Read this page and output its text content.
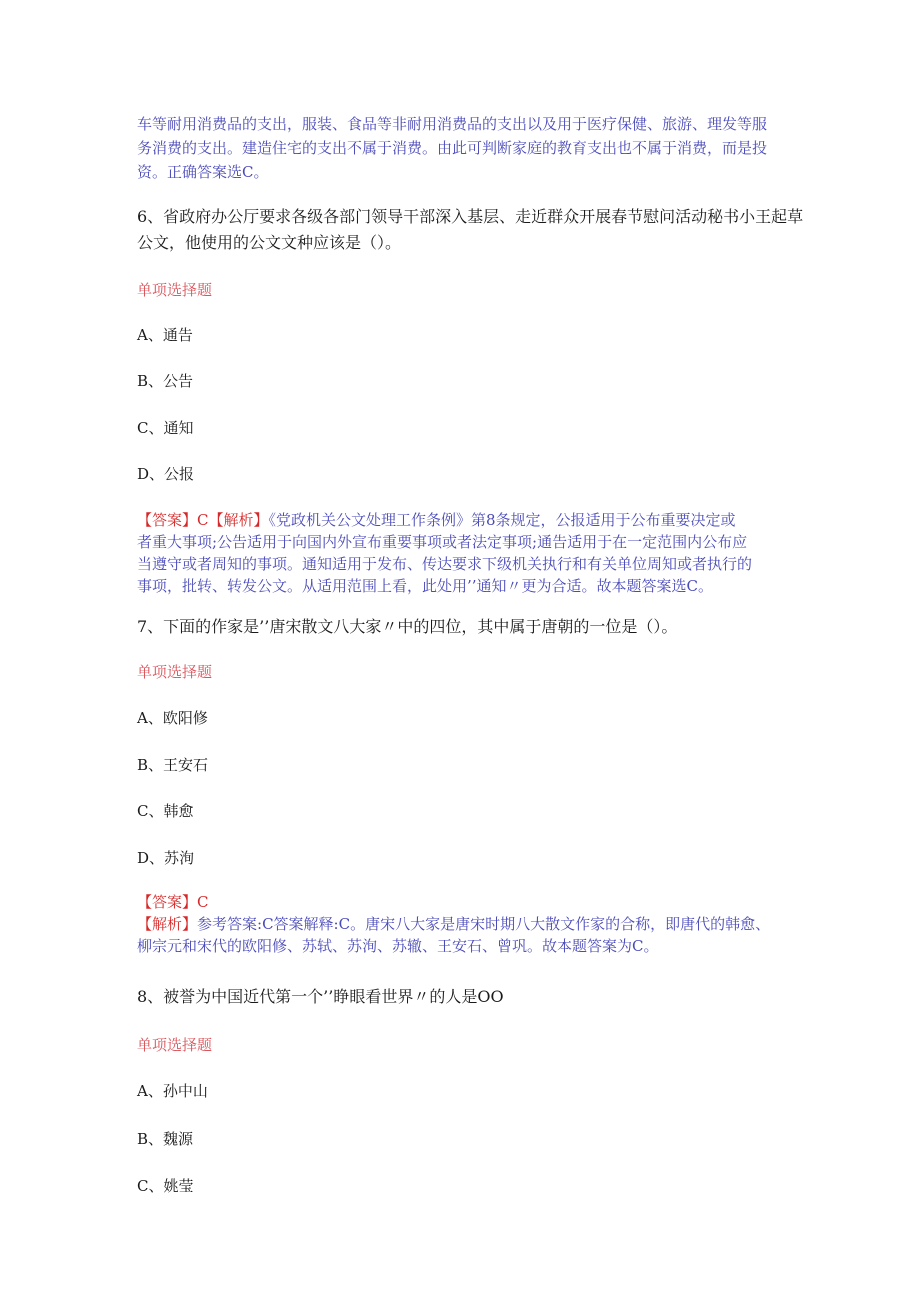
车等耐用消费品的支出，服装、食品等非耐用消费品的支出以及用于医疗保健、旅游、理发等服
务消费的支出。建造住宅的支出不属于消费。由此可判断家庭的教育支出也不属于消费，而是投
资。正确答案选C。
6、省政府办公厅要求各级各部门领导干部深入基层、走近群众开展春节慰问活动秘书小王起草
公文，他使用的公文文种应该是（）。
单项选择题
A、通告
B、公告
C、通知
D、公报
【答案】C【解析】《党政机关公文处理工作条例》第8条规定，公报适用于公布重要决定或
者重大事项;公告适用于向国内外宣布重要事项或者法定事项;通告适用于在一定范围内公布应
当遵守或者周知的事项。通知适用于发布、传达要求下级机关执行和有关单位周知或者执行的
事项，批转、转发公文。从适用范围上看，此处用’’通知〃更为合适。故本题答案选C。
7、下面的作家是’’唐宋散文八大家〃中的四位，其中属于唐朝的一位是（）。
单项选择题
A、欧阳修
B、王安石
C、韩愈
D、苏洵
【答案】C
【解析】参考答案:C答案解释:C。唐宋八大家是唐宋时期八大散文作家的合称，即唐代的韩愈、
柳宗元和宋代的欧阳修、苏轼、苏洵、苏辙、王安石、曾巩。故本题答案为C。
8、被誉为中国近代第一个’’睁眼看世界〃的人是OO
单项选择题
A、孙中山
B、魏源
C、姚莹
